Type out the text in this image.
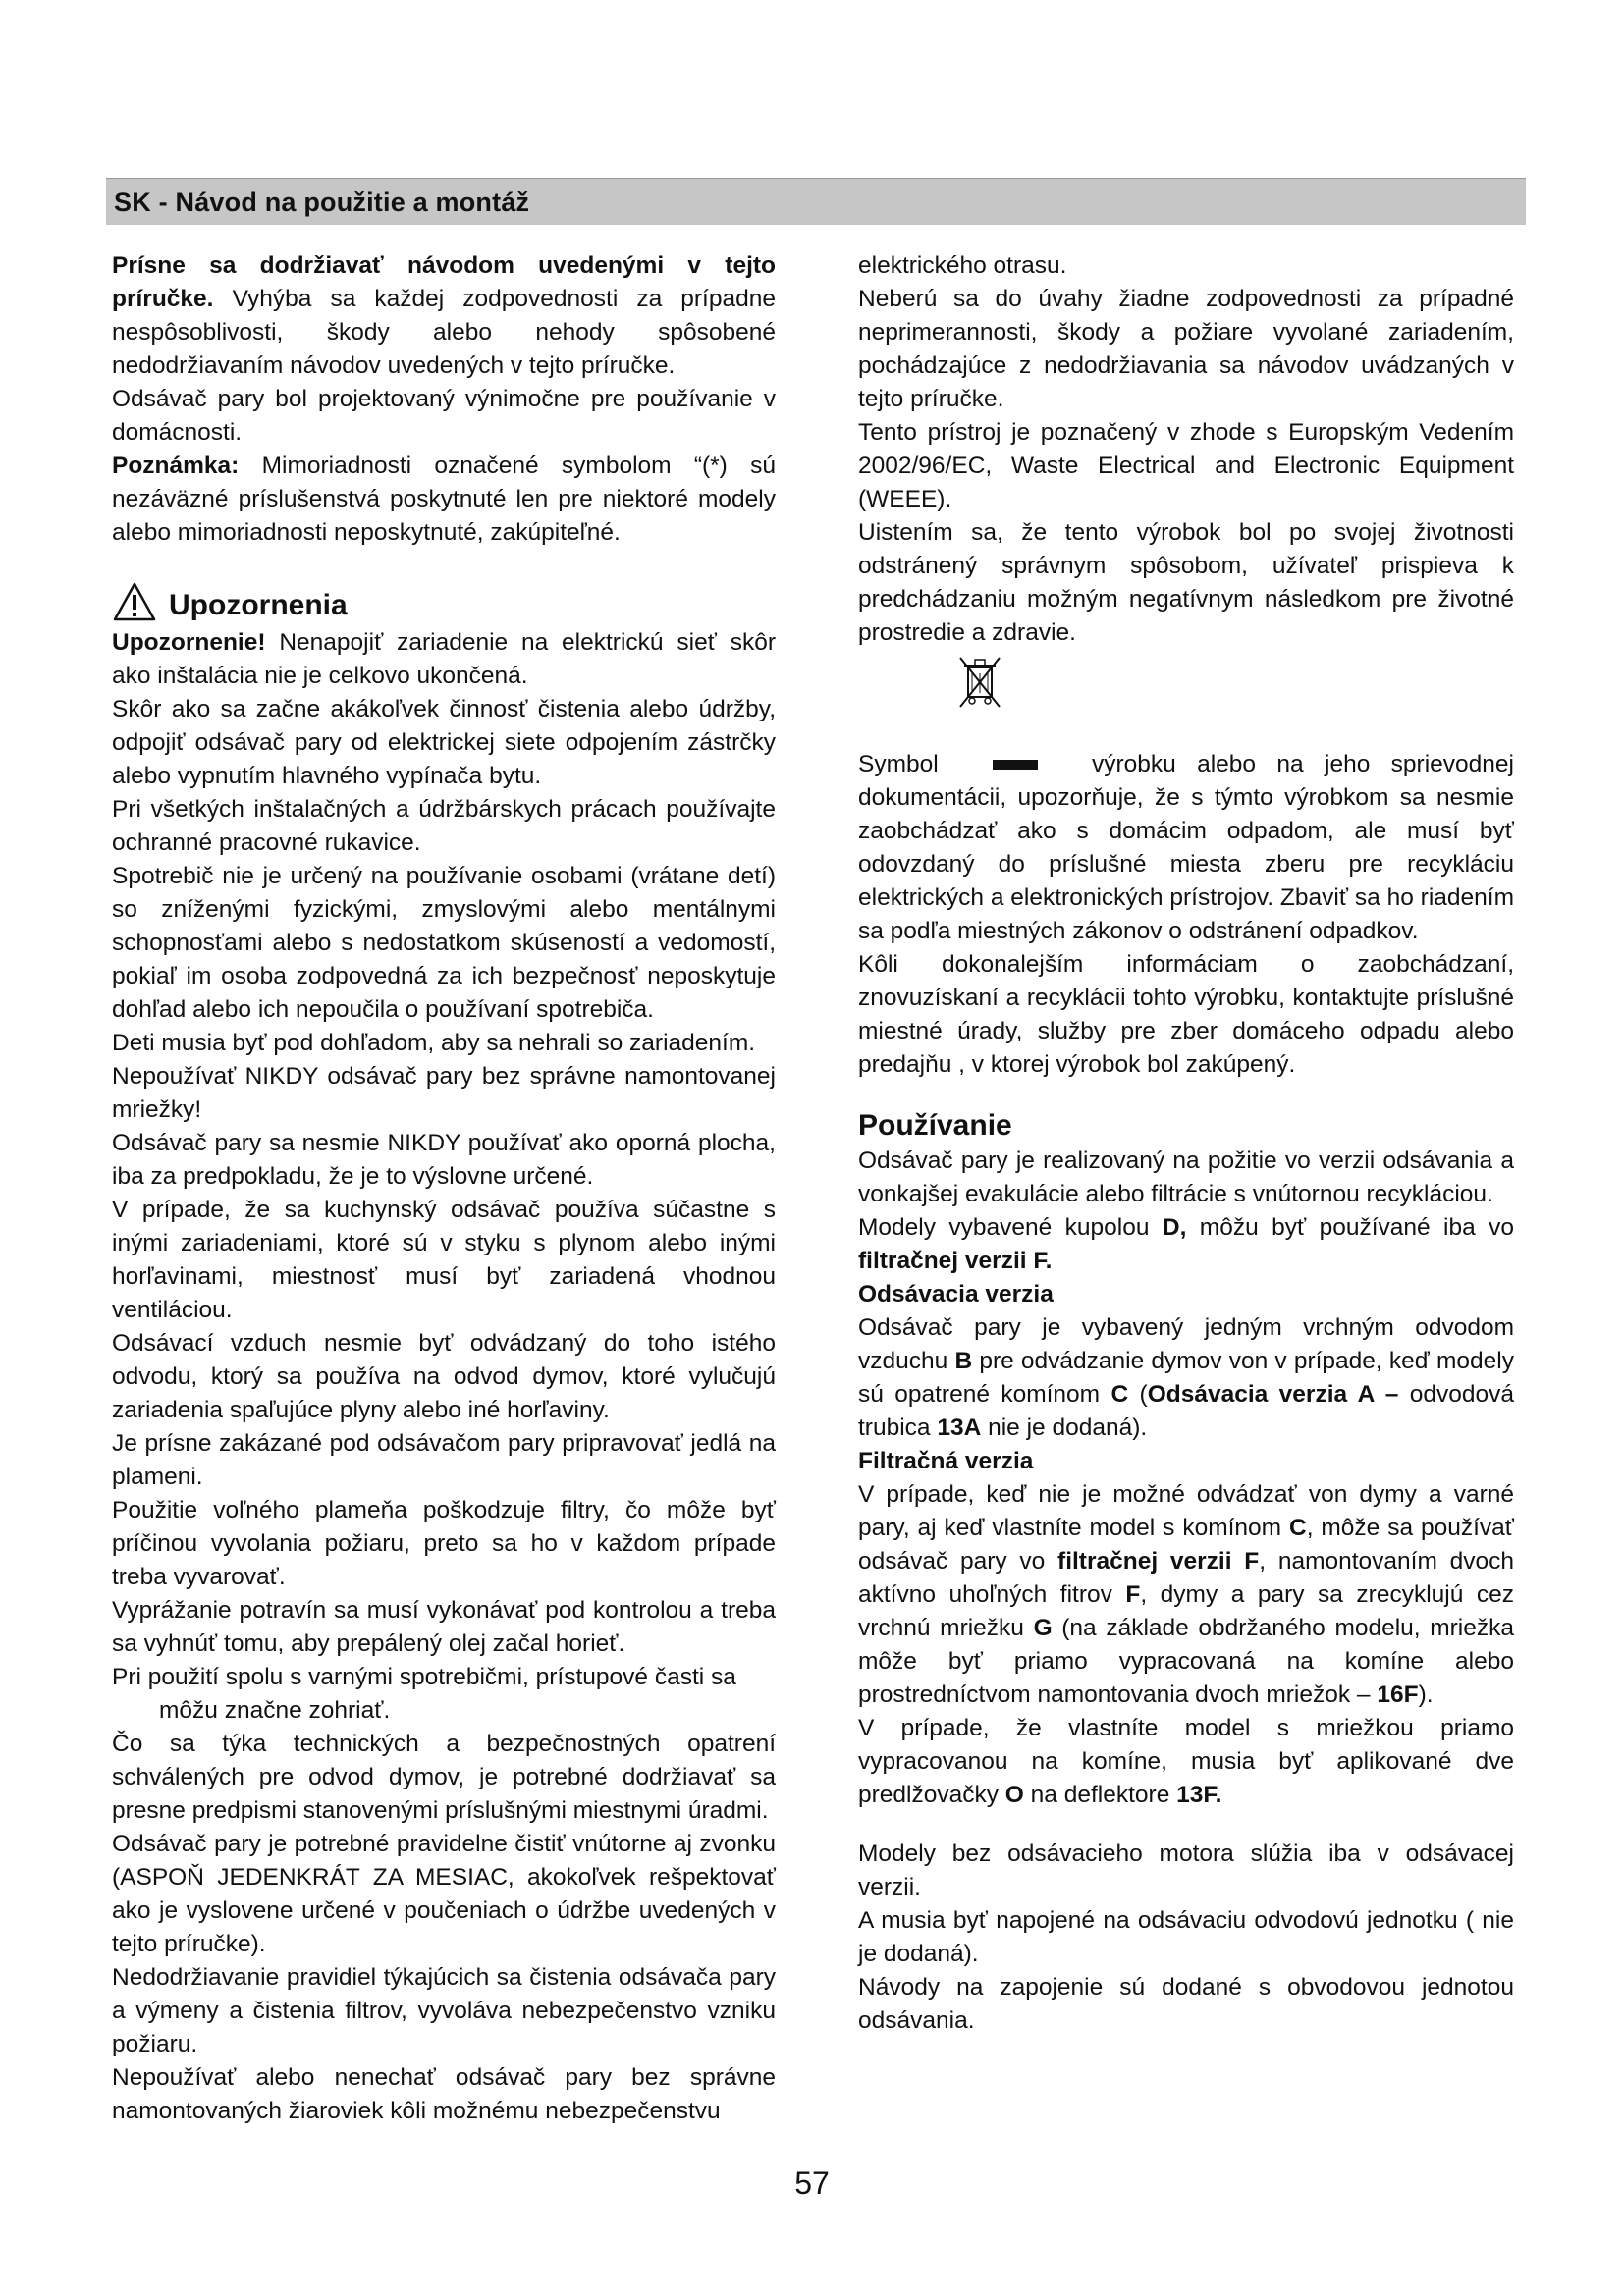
SK - Návod na použitie a montáž

Prísne sa dodržiavať návodom uvedenými v tejto príručke. Vyhýba sa každej zodpovednosti za prípadne nespôsoblivosti, škody alebo nehody spôsobené nedodržiavaním návodov uvedených v tejto príručke.

Odsávač pary bol projektovaný výnimočne pre používanie v domácnosti.

Poznámka: Mimoriadnosti označené symbolom “(*) sú nezáväzné príslušenstvá poskytnuté len pre niektoré modely alebo mimoriadnosti neposkytnuté, zakúpiteľné.

Upozornenia

Upozornenie! Nenapojiť zariadenie na elektrickú sieť skôr ako inštalácia nie je celkovo ukončená.

Skôr ako sa začne akákoľvek činnosť čistenia alebo údržby, odpojiť odsávač pary od elektrickej siete odpojením zástrčky alebo vypnutím hlavného vypínača bytu.

Pri všetkých inštalačných a údržbárskych prácach používajte ochranné pracovné rukavice.

Spotrebič nie je určený na používanie osobami (vrátane detí) so zníženými fyzickými, zmyslovými alebo mentálnymi schopnosťami alebo s nedostatkom skúseností a vedomostí, pokiaľ im osoba zodpovedná za ich bezpečnosť neposkytuje dohľad alebo ich nepoučila o používaní spotrebiča.

Deti musia byť pod dohľadom, aby sa nehrali so zariadením.

Nepoužívať NIKDY odsávač pary bez správne namontovanej mriežky!

Odsávač pary sa nesmie NIKDY používať ako oporná plocha, iba za predpokladu, že je to výslovne určené.

V prípade, že sa kuchynský odsávač používa súčastne s inými zariadeniami, ktoré sú v styku s plynom alebo inými horľavinami, miestnosť musí byť zariadená vhodnou ventiláciou.

Odsávací vzduch nesmie byť odvádzaný do toho istého odvodu, ktorý sa používa na odvod dymov, ktoré vylučujú zariadenia spaľujúce plyny alebo iné horľaviny.

Je prísne zakázané pod odsávačom pary pripravovať jedlá na plameni.

Použitie voľného plameňa poškodzuje filtry, čo môže byť príčinou vyvolania požiaru, preto sa ho v každom prípade treba vyvarovať.

Vyprážanie potravín sa musí vykonávať pod kontrolou a treba sa vyhnúť tomu, aby prepálený olej začal horieť.

Pri použití spolu s varnými spotrebičmi, prístupové časti sa

môžu značne zohriať.

Čo sa týka technických a bezpečnostných opatrení schválených pre odvod dymov, je potrebné dodržiavať sa presne predpismi stanovenými príslušnými miestnymi úradmi.

Odsávač pary je potrebné pravidelne čistiť vnútorne aj zvonku (ASPOŇ JEDENKRÁT ZA MESIAC, akokoľvek rešpektovať ako je vyslovene určené v poučeniach o údržbe uvedených v tejto príručke).

Nedodržiavanie pravidiel týkajúcich sa čistenia odsávača pary a výmeny a čistenia filtrov, vyvoláva nebezpečenstvo vzniku požiaru.

Nepoužívať alebo nenechať odsávač pary bez správne namontovaných žiaroviek kôli možnému nebezpečenstvu

elektrického otrasu.

Neberú sa do úvahy žiadne zodpovednosti za prípadné neprimerannosti, škody a požiare vyvolané zariadením, pochádzajúce z nedodržiavania sa návodov uvádzaných v tejto príručke.

Tento prístroj je poznačený v zhode s Europským Vedením 2002/96/EC, Waste Electrical and Electronic Equipment (WEEE).

Uistením sa, že tento výrobok bol po svojej životnosti odstránený správnym spôsobom, užívateľ prispieva k predchádzaniu možným negatívnym následkom pre životné prostredie a zdravie.

Symbol	výrobku alebo na jeho sprievodnej

dokumentácii, upozorňuje, že s týmto výrobkom sa nesmie zaobchádzať ako s domácim odpadom, ale musí byť odovzdaný do príslušné miesta zberu pre recykláciu elektrických a elektronických prístrojov. Zbaviť sa ho riadením sa podľa miestných zákonov o odstránení odpadkov.

Kôli dokonalejším informáciam o zaobchádzaní, znovuzískaní a recyklácii tohto výrobku, kontaktujte príslušné miestné úrady, služby pre zber domáceho odpadu alebo predajňu , v ktorej výrobok bol zakúpený.

Používanie

Odsávač pary je realizovaný na požitie vo verzii odsávania a vonkajšej evakulácie alebo filtrácie s vnútornou recykláciou.

Modely vybavené kupolou D, môžu byť používané iba vo filtračnej verzii F.

Odsávacia verzia

Odsávač pary je vybavený jedným vrchným odvodom vzduchu B pre odvádzanie dymov von v prípade, keď modely sú opatrené komínom C (Odsávacia verzia A – odvodová trubica 13A nie je dodaná).

Filtračná verzia

V prípade, keď nie je možné odvádzať von dymy a varné pary, aj keď vlastníte model s komínom C, môže sa používať odsávač pary vo filtračnej verzii F, namontovaním dvoch aktívno uhoľných fitrov F, dymy a pary sa zrecyklujú cez vrchnú mriežku G (na základe obdržaného modelu, mriežka môže byť priamo vypracovaná na komíne alebo prostredníctvom namontovania dvoch mriežok – 16F).

V prípade, že vlastníte model s mriežkou priamo vypracovanou na komíne, musia byť aplikované dve predlžovačky O na deflektore 13F.

Modely bez odsávacieho motora slúžia iba v odsávacej verzii.

A musia byť napojené na odsávaciu odvodovú jednotku ( nie je dodaná).

Návody na zapojenie sú dodané s obvodovou jednotou odsávania.

57
